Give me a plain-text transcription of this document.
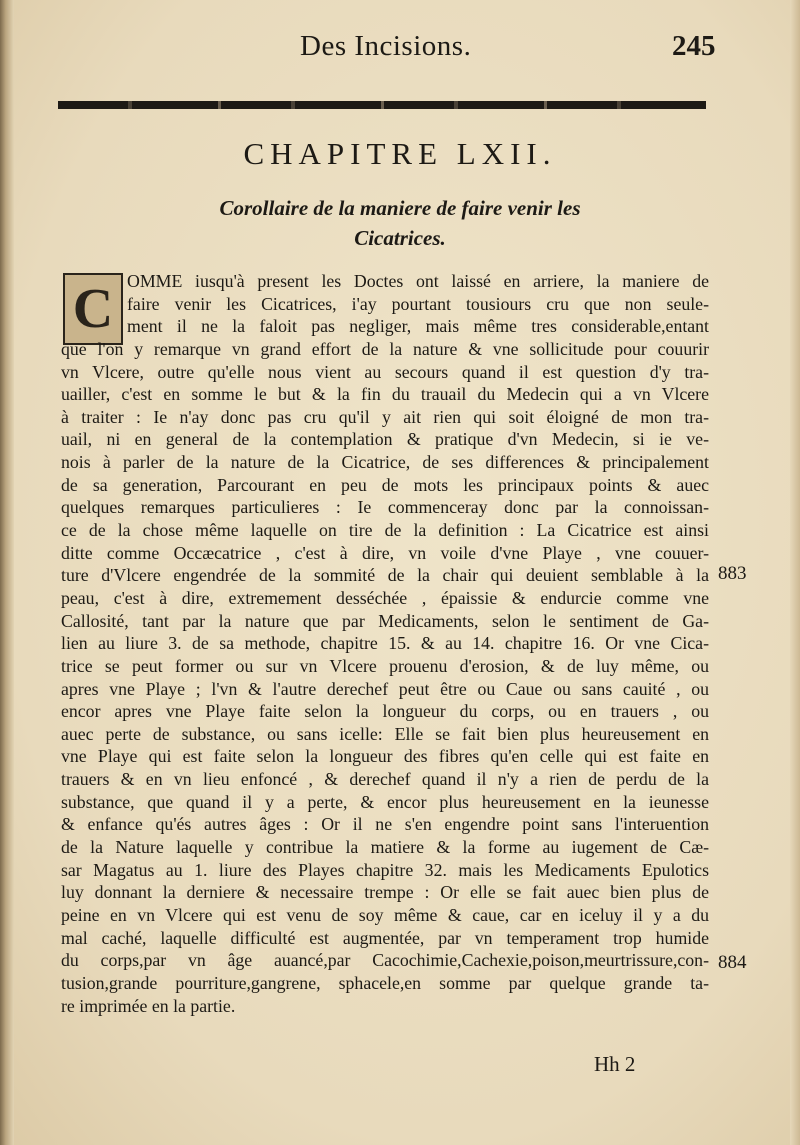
Des Incisions.	245
CHAPITRE LXII.
Corollaire de la maniere de faire venir les
Cicatrices.
C OMME iusqu'à present les Doctes ont laissé en arriere, la maniere de
faire venir les Cicatrices, i'ay pourtant tousiours cru que non seule-
ment il ne la faloit pas negliger, mais même tres considerable,entant
que l'on y remarque vn grand effort de la nature & vne sollicitude pour couurir
vn Vlcere, outre qu'elle nous vient au secours quand il est question d'y tra-
uailler, c'est en somme le but & la fin du trauail du Medecin qui a vn Vlcere
à traiter : Ie n'ay donc pas cru qu'il y ait rien qui soit éloigné de mon tra-
uail, ni en general de la contemplation & pratique d'vn Medecin, si ie ve-
nois à parler de la nature de la Cicatrice, de ses differences & principalement
de sa generation, Parcourant en peu de mots les principaux points & auec
quelques remarques particulieres : Ie commenceray donc par la connoissan-
ce de la chose même laquelle on tire de la definition : La Cicatrice est ainsi
ditte comme Occæcatrice , c'est à dire, vn voile d'vne Playe , vne couuer-
ture d'Vlcere engendrée de la sommité de la chair qui deuient semblable à la
peau, c'est à dire, extremement desséchée , épaissie & endurcie comme vne
Callosité, tant par la nature que par Medicaments, selon le sentiment de Ga-
lien au liure 3. de sa methode, chapitre 15. & au 14. chapitre 16. Or vne Cica-
trice se peut former ou sur vn Vlcere prouenu d'erosion, & de luy même, ou
apres vne Playe ; l'vn & l'autre derechef peut être ou Caue ou sans cauité , ou
encor apres vne Playe faite selon la longueur du corps, ou en trauers , ou
auec perte de substance, ou sans icelle: Elle se fait bien plus heureusement en
vne Playe qui est faite selon la longueur des fibres qu'en celle qui est faite en
trauers & en vn lieu enfoncé , & derechef quand il n'y a rien de perdu de la
substance, que quand il y a perte, & encor plus heureusement en la ieunesse
& enfance qu'és autres âges : Or il ne s'en engendre point sans l'interuention
de la Nature laquelle y contribue la matiere & la forme au iugement de Cæ-
sar Magatus au 1. liure des Playes chapitre 32. mais les Medicaments Epulotics
luy donnant la derniere & necessaire trempe : Or elle se fait auec bien plus de
peine en vn Vlcere qui est venu de soy même & caue, car en iceluy il y a du
mal caché, laquelle difficulté est augmentée, par vn temperament trop humide
du corps,par vn âge auancé,par Cacochimie,Cachexie,poison,meurtrissure,con-
tusion,grande pourriture,gangrene, sphacele,en somme par quelque grande ta-
re imprimée en la partie.
883
884
Hh 2
